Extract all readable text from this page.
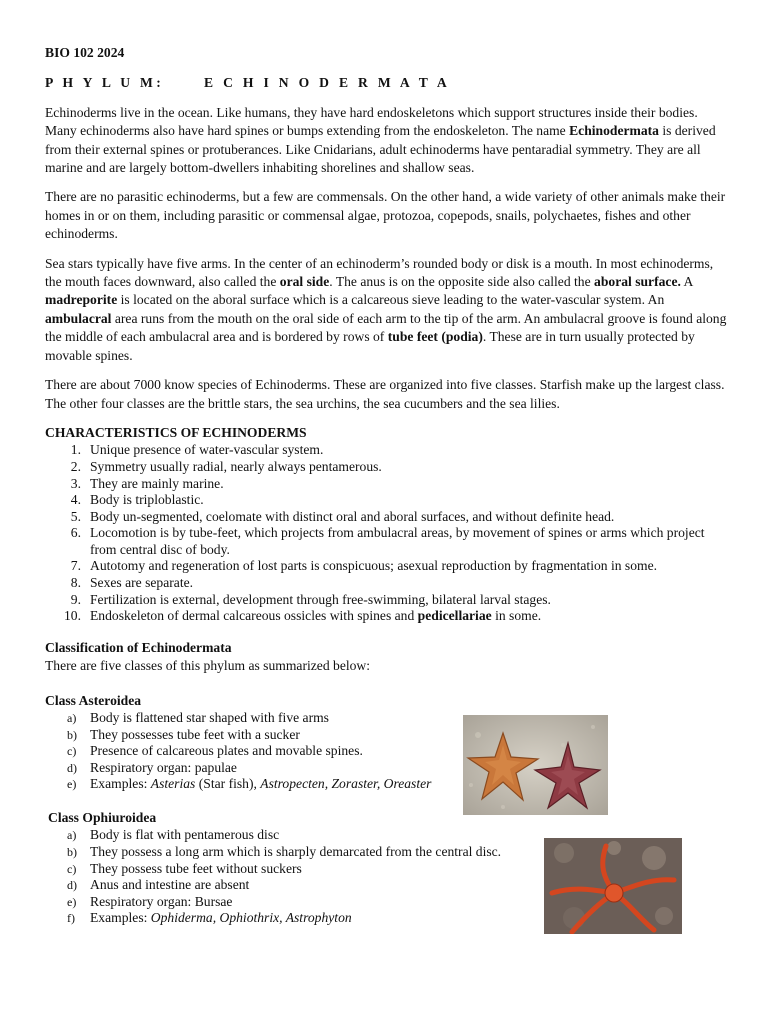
BIO 102 2024

P H Y L U M:	E C H I N O D E R M A T A

Echinoderms live in the ocean. Like humans, they have hard endoskeletons which support structures inside their bodies. Many echinoderms also have hard spines or bumps extending from the endoskeleton. The name Echinodermata is derived from their external spines or protuberances. Like Cnidarians, adult echinoderms have pentaradial symmetry. They are all marine and are largely bottom-dwellers inhabiting shorelines and shallow seas.

There are no parasitic echinoderms, but a few are commensals. On the other hand, a wide variety of other animals make their homes in or on them, including parasitic or commensal algae, protozoa, copepods, snails, polychaetes, fishes and other echinoderms.

Sea stars typically have five arms. In the center of an echinoderm’s rounded body or disk is a mouth. In most echinoderms, the mouth faces downward, also called the oral side. The anus is on the opposite side also called the aboral surface. A madreporite is located on the aboral surface which is a calcareous sieve leading to the water-vascular system. An ambulacral area runs from the mouth on the oral side of each arm to the tip of the arm. An ambulacral groove is found along the middle of each ambulacral area and is bordered by rows of tube feet (podia). These are in turn usually protected by movable spines.

There are about 7000 know species of Echinoderms. These are organized into five classes. Starfish make up the largest class. The other four classes are the brittle stars, the sea urchins, the sea cucumbers and the sea lilies.

CHARACTERISTICS OF ECHINODERMS

1. Unique presence of water-vascular system.
2. Symmetry usually radial, nearly always pentamerous.
3. They are mainly marine.
4. Body is triploblastic.
5. Body un-segmented, coelomate with distinct oral and aboral surfaces, and without definite head.
6. Locomotion is by tube-feet, which projects from ambulacral areas, by movement of spines or arms which project from central disc of body.
7. Autotomy and regeneration of lost parts is conspicuous; asexual reproduction by fragmentation in some.
8. Sexes are separate.
9. Fertilization is external, development through free-swimming, bilateral larval stages.
10. Endoskeleton of dermal calcareous ossicles with spines and pedicellariae in some.

Classification of Echinodermata

There are five classes of this phylum as summarized below:

Class Asteroidea

a) Body is flattened star shaped with five arms
b) They possesses tube feet with a sucker
c) Presence of calcareous plates and movable spines.
d) Respiratory organ: papulae
e) Examples: Asterias (Star fish), Astropecten, Zoraster, Oreaster

Class Ophiuroidea

a) Body is flat with pentamerous disc
b) They possess a long arm which is sharply demarcated from the central disc.
c) They possess tube feet without suckers
d) Anus and intestine are absent
e) Respiratory organ: Bursae
f) Examples: Ophiderma, Ophiothrix, Astrophyton
